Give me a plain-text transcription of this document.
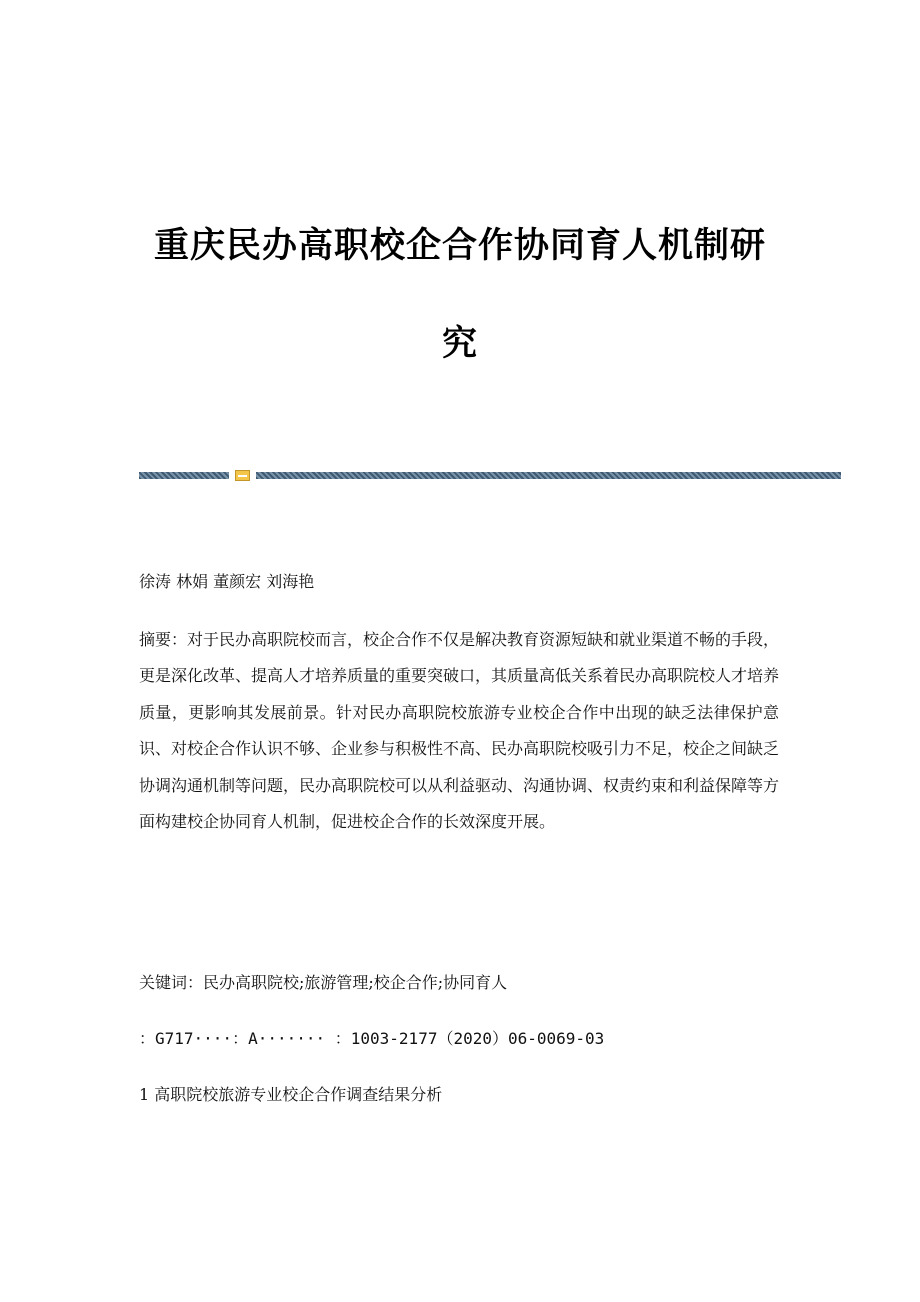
重庆民办高职校企合作协同育人机制研
究

徐涛 林娟 董颜宏 刘海艳

摘要：对于民办高职院校而言，校企合作不仅是解决教育资源短缺和就业渠道不畅的手段，更是深化改革、提高人才培养质量的重要突破口，其质量高低关系着民办高职院校人才培养质量，更影响其发展前景。针对民办高职院校旅游专业校企合作中出现的缺乏法律保护意识、对校企合作认识不够、企业参与积极性不高、民办高职院校吸引力不足，校企之间缺乏协调沟通机制等问题，民办高职院校可以从利益驱动、沟通协调、权责约束和利益保障等方面构建校企协同育人机制，促进校企合作的长效深度开展。

关键词：民办高职院校;旅游管理;校企合作;协同育人

：G717····：A······· ：1003-2177（2020）06-0069-03

1 高职院校旅游专业校企合作调查结果分析
